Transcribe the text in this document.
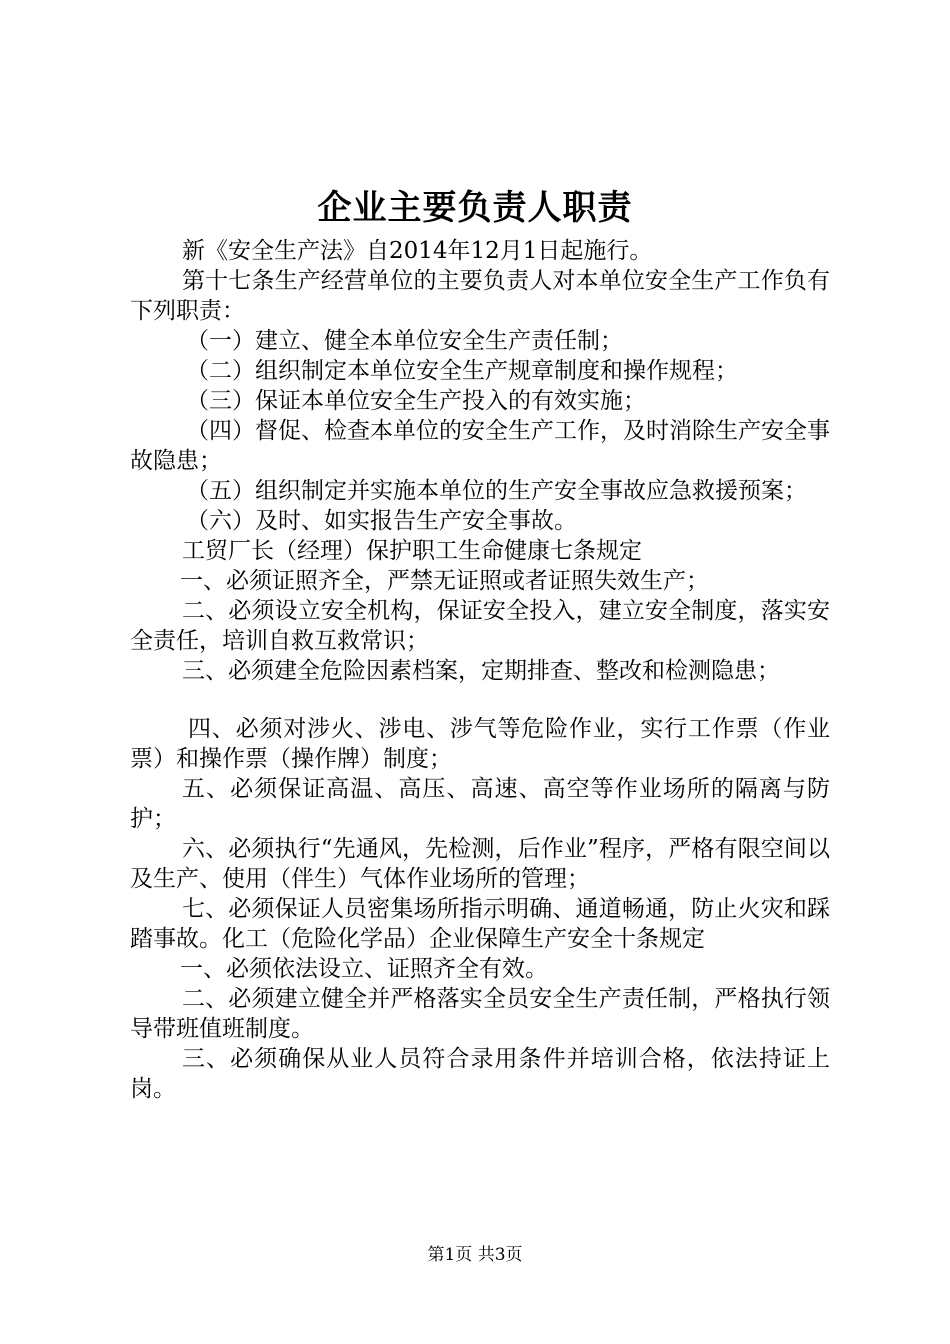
企业主要负责人职责

新《安全生产法》自2014年12月1日起施行。

第十七条生产经营单位的主要负责人对本单位安全生产工作负有下列职责：

（一）建立、健全本单位安全生产责任制；

（二）组织制定本单位安全生产规章制度和操作规程；

（三）保证本单位安全生产投入的有效实施；

（四）督促、检查本单位的安全生产工作，及时消除生产安全事故隐患；

（五）组织制定并实施本单位的生产安全事故应急救援预案；

（六）及时、如实报告生产安全事故。

工贸厂长（经理）保护职工生命健康七条规定

一、必须证照齐全，严禁无证照或者证照失效生产；

二、必须设立安全机构，保证安全投入，建立安全制度，落实安全责任，培训自救互救常识；

三、必须建全危险因素档案，定期排查、整改和检测隐患；

四、必须对涉火、涉电、涉气等危险作业，实行工作票（作业票）和操作票（操作牌）制度；

五、必须保证高温、高压、高速、高空等作业场所的隔离与防护；

六、必须执行“先通风，先检测，后作业”程序，严格有限空间以及生产、使用（伴生）气体作业场所的管理；

七、必须保证人员密集场所指示明确、通道畅通，防止火灾和踩踏事故。化工（危险化学品）企业保障生产安全十条规定

一、必须依法设立、证照齐全有效。

二、必须建立健全并严格落实全员安全生产责任制，严格执行领导带班值班制度。

三、必须确保从业人员符合录用条件并培训合格，依法持证上岗。

第1页 共3页
